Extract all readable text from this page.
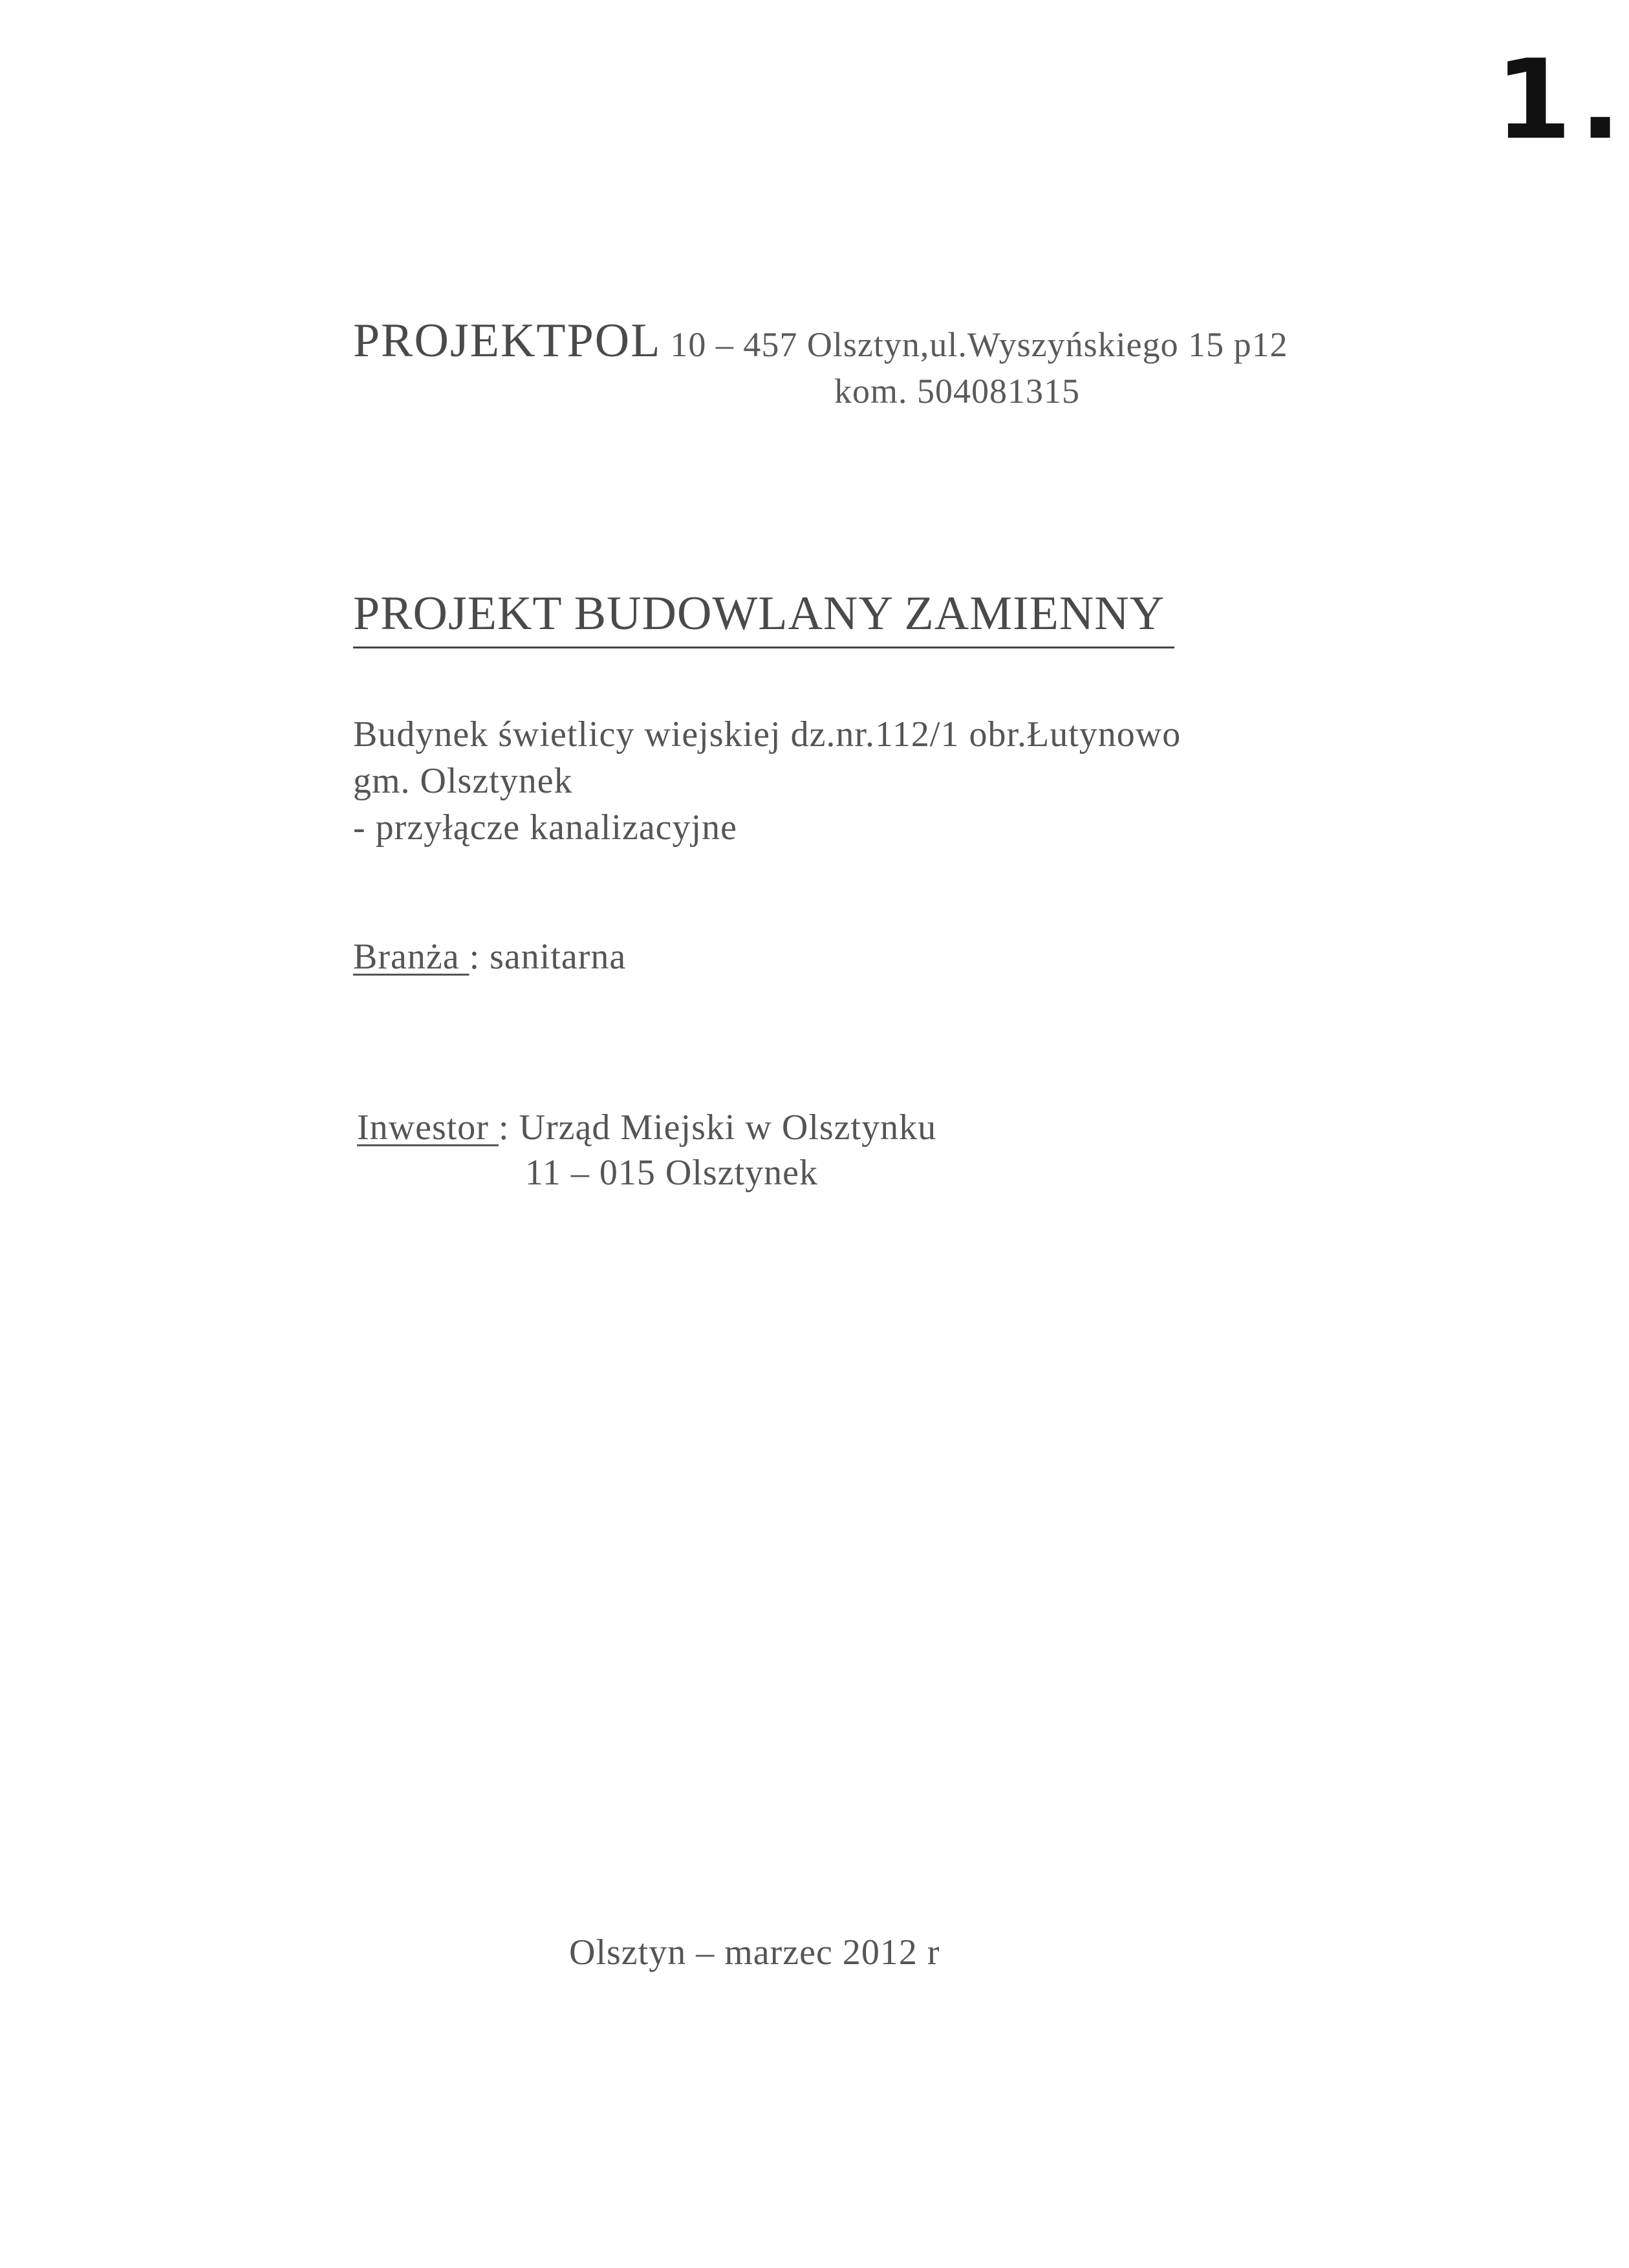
1.
PROJEKTPOL 10 – 457 Olsztyn,ul.Wyszyńskiego 15 p12
kom. 504081315
PROJEKT BUDOWLANY ZAMIENNY
Budynek świetlicy wiejskiej dz.nr.112/1 obr.Łutynowo
gm. Olsztynek
- przyłącze kanalizacyjne
Branża : sanitarna
Inwestor : Urząd Miejski w Olsztynku
11 – 015 Olsztynek
Olsztyn – marzec 2012 r
